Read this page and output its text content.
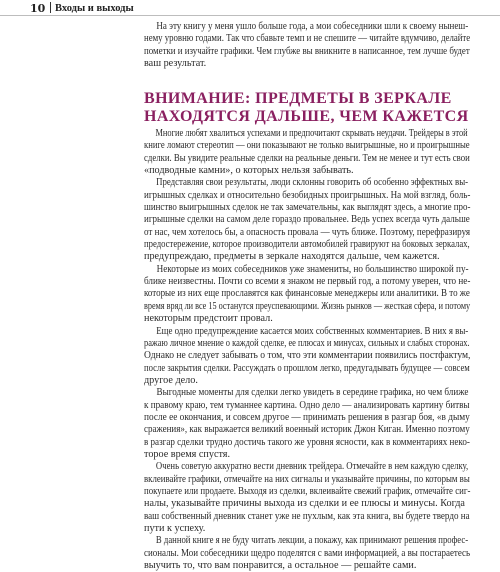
10 Входы и выходы
На эту книгу у меня ушло больше года, а мои собеседники шли к своему нынеш-
нему уровню годами. Так что сбавьте темп и не спешите — читайте вдумчиво, делайте
пометки и изучайте графики. Чем глубже вы вникните в написанное, тем лучше будет
ваш результат.
ВНИМАНИЕ: ПРЕДМЕТЫ В ЗЕРКАЛЕ
НАХОДЯТСЯ ДАЛЬШЕ, ЧЕМ КАЖЕТСЯ
Многие любят хвалиться успехами и предпочитают скрывать неудачи. Трейдеры в этой
книге ломают стереотип — они показывают не только выигрышные, но и проигрышные
сделки. Вы увидите реальные сделки на реальные деньги. Тем не менее и тут есть свои
«подводные камни», о которых нельзя забывать.
Представляя свои результаты, люди склонны говорить об особенно эффектных вы-
игрышных сделках и относительно безобидных проигрышных. На мой взгляд, боль-
шинство выигрышных сделок не так замечательны, как выглядят здесь, а многие про-
игрышные сделки на самом деле гораздо провальнее. Ведь успех всегда чуть дальше
от нас, чем хотелось бы, а опасность провала — чуть ближе. Поэтому, перефразируя
предостережение, которое производители автомобилей гравируют на боковых зеркалах,
предупреждаю, предметы в зеркале находятся дальше, чем кажется.
Некоторые из моих собеседников уже знамениты, но большинство широкой пу-
блике неизвестны. Почти со всеми я знаком не первый год, а потому уверен, что не-
которые из них еще прославятся как финансовые менеджеры или аналитики. В то же
время вряд ли все 15 останутся преуспевающими. Жизнь рынков — жесткая сфера, и потому
некоторым предстоит провал.
Еще одно предупреждение касается моих собственных комментариев. В них я вы-
ражаю личное мнение о каждой сделке, ее плюсах и минусах, сильных и слабых сторонах.
Однако не следует забывать о том, что эти комментарии появились постфактум,
после закрытия сделки. Рассуждать о прошлом легко, предугадывать будущее — совсем
другое дело.
Выгодные моменты для сделки легко увидеть в середине графика, но чем ближе
к правому краю, тем туманнее картина. Одно дело — анализировать картину битвы
после ее окончания, и совсем другое — принимать решения в разгар боя, «в дыму
сражения», как выражается великий военный историк Джон Киган. Именно поэтому
в разгар сделки трудно достичь такого же уровня ясности, как в комментариях неко-
торое время спустя.
Очень советую аккуратно вести дневник трейдера. Отмечайте в нем каждую сделку,
вклеивайте графики, отмечайте на них сигналы и указывайте причины, по которым вы
покупаете или продаете. Выходя из сделки, вклеивайте свежий график, отмечайте сиг-
налы, указывайте причины выхода из сделки и ее плюсы и минусы. Когда
ваш собственный дневник станет уже не пухлым, как эта книга, вы будете твердо на
пути к успеху.
В данной книге я не буду читать лекции, а покажу, как принимают решения профес-
сионалы. Мои собеседники щедро поделятся с вами информацией, а вы постараетесь
выучить то, что вам понравится, а остальное — решайте сами.
